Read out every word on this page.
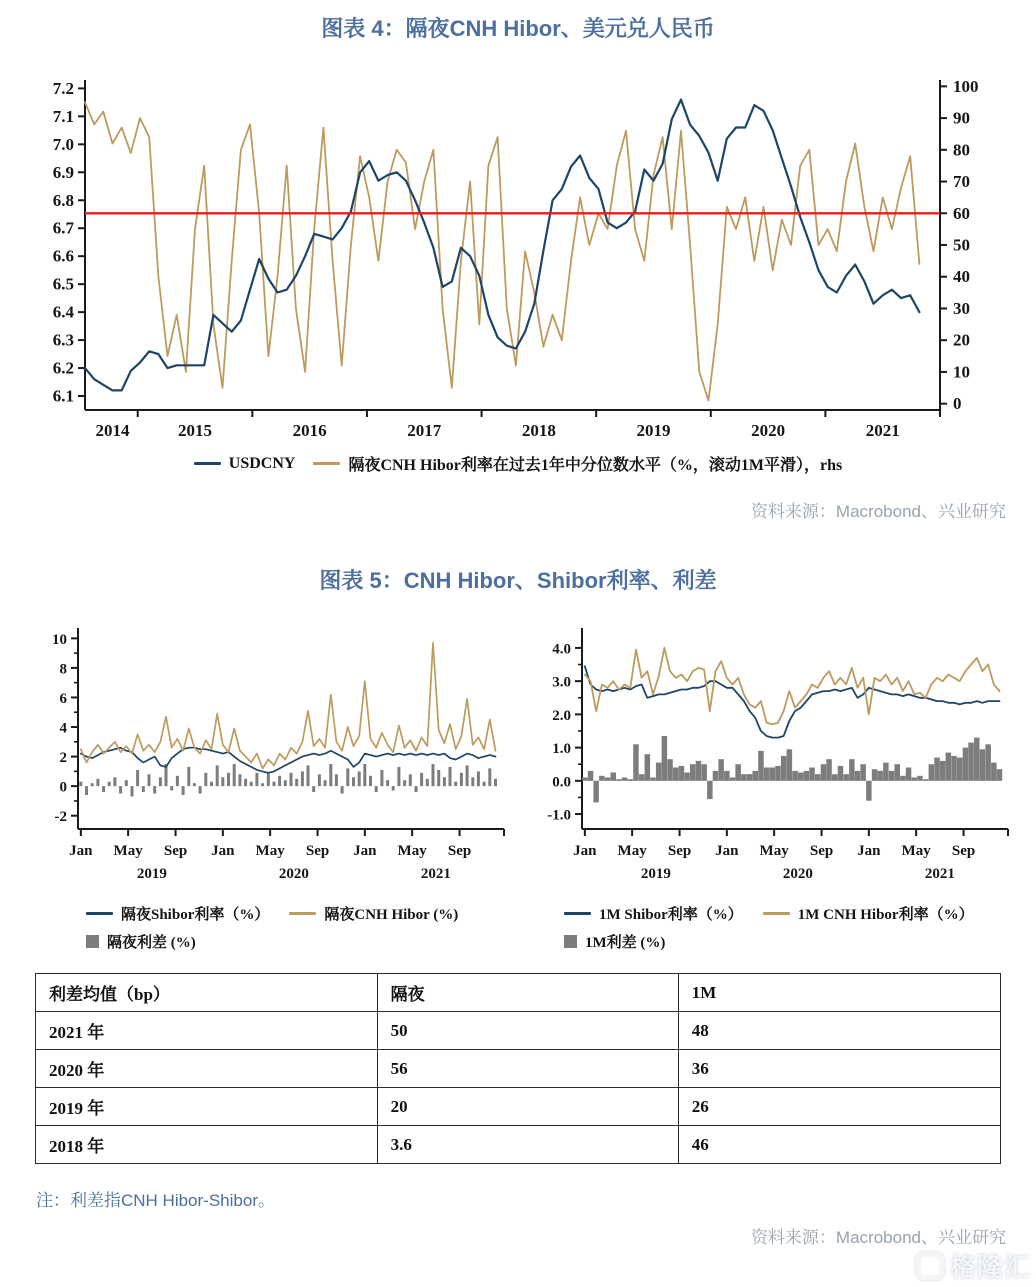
图表 4：隔夜CNH Hibor、美元兑人民币
6.1
6.2
6.3
6.4
6.5
6.6
6.7
6.8
6.9
7.0
7.1
7.2
0
10
20
30
40
50
60
70
80
90
100
2014	2015	2016	2017	2018	2019	2020	2021
USDCNY	隔夜CNH Hibor利率在过去1年中分位数水平（%，滚动1M平滑），rhs
资料来源：Macrobond、兴业研究
图表 5：CNH Hibor、Shibor利率、利差
-2
0
2
4
6
8
10
Jan May Sep Jan May Sep Jan May Sep
2019	2020	2021
-1.0
0.0
1.0
2.0
3.0
4.0
Jan May Sep Jan May Sep Jan May Sep
2019	2020	2021
隔夜Shibor利率（%）	隔夜CNH Hibor (%)
隔夜利差 (%)
1M Shibor利率（%）	1M CNH Hibor利率（%）
1M利差 (%)
利差均值（bp）	隔夜	1M
2021 年	50	48
2020 年	56	36
2019 年	20	26
2018 年	3.6	46
注：利差指CNH Hibor-Shibor。
资料来源：Macrobond、兴业研究
格隆汇
